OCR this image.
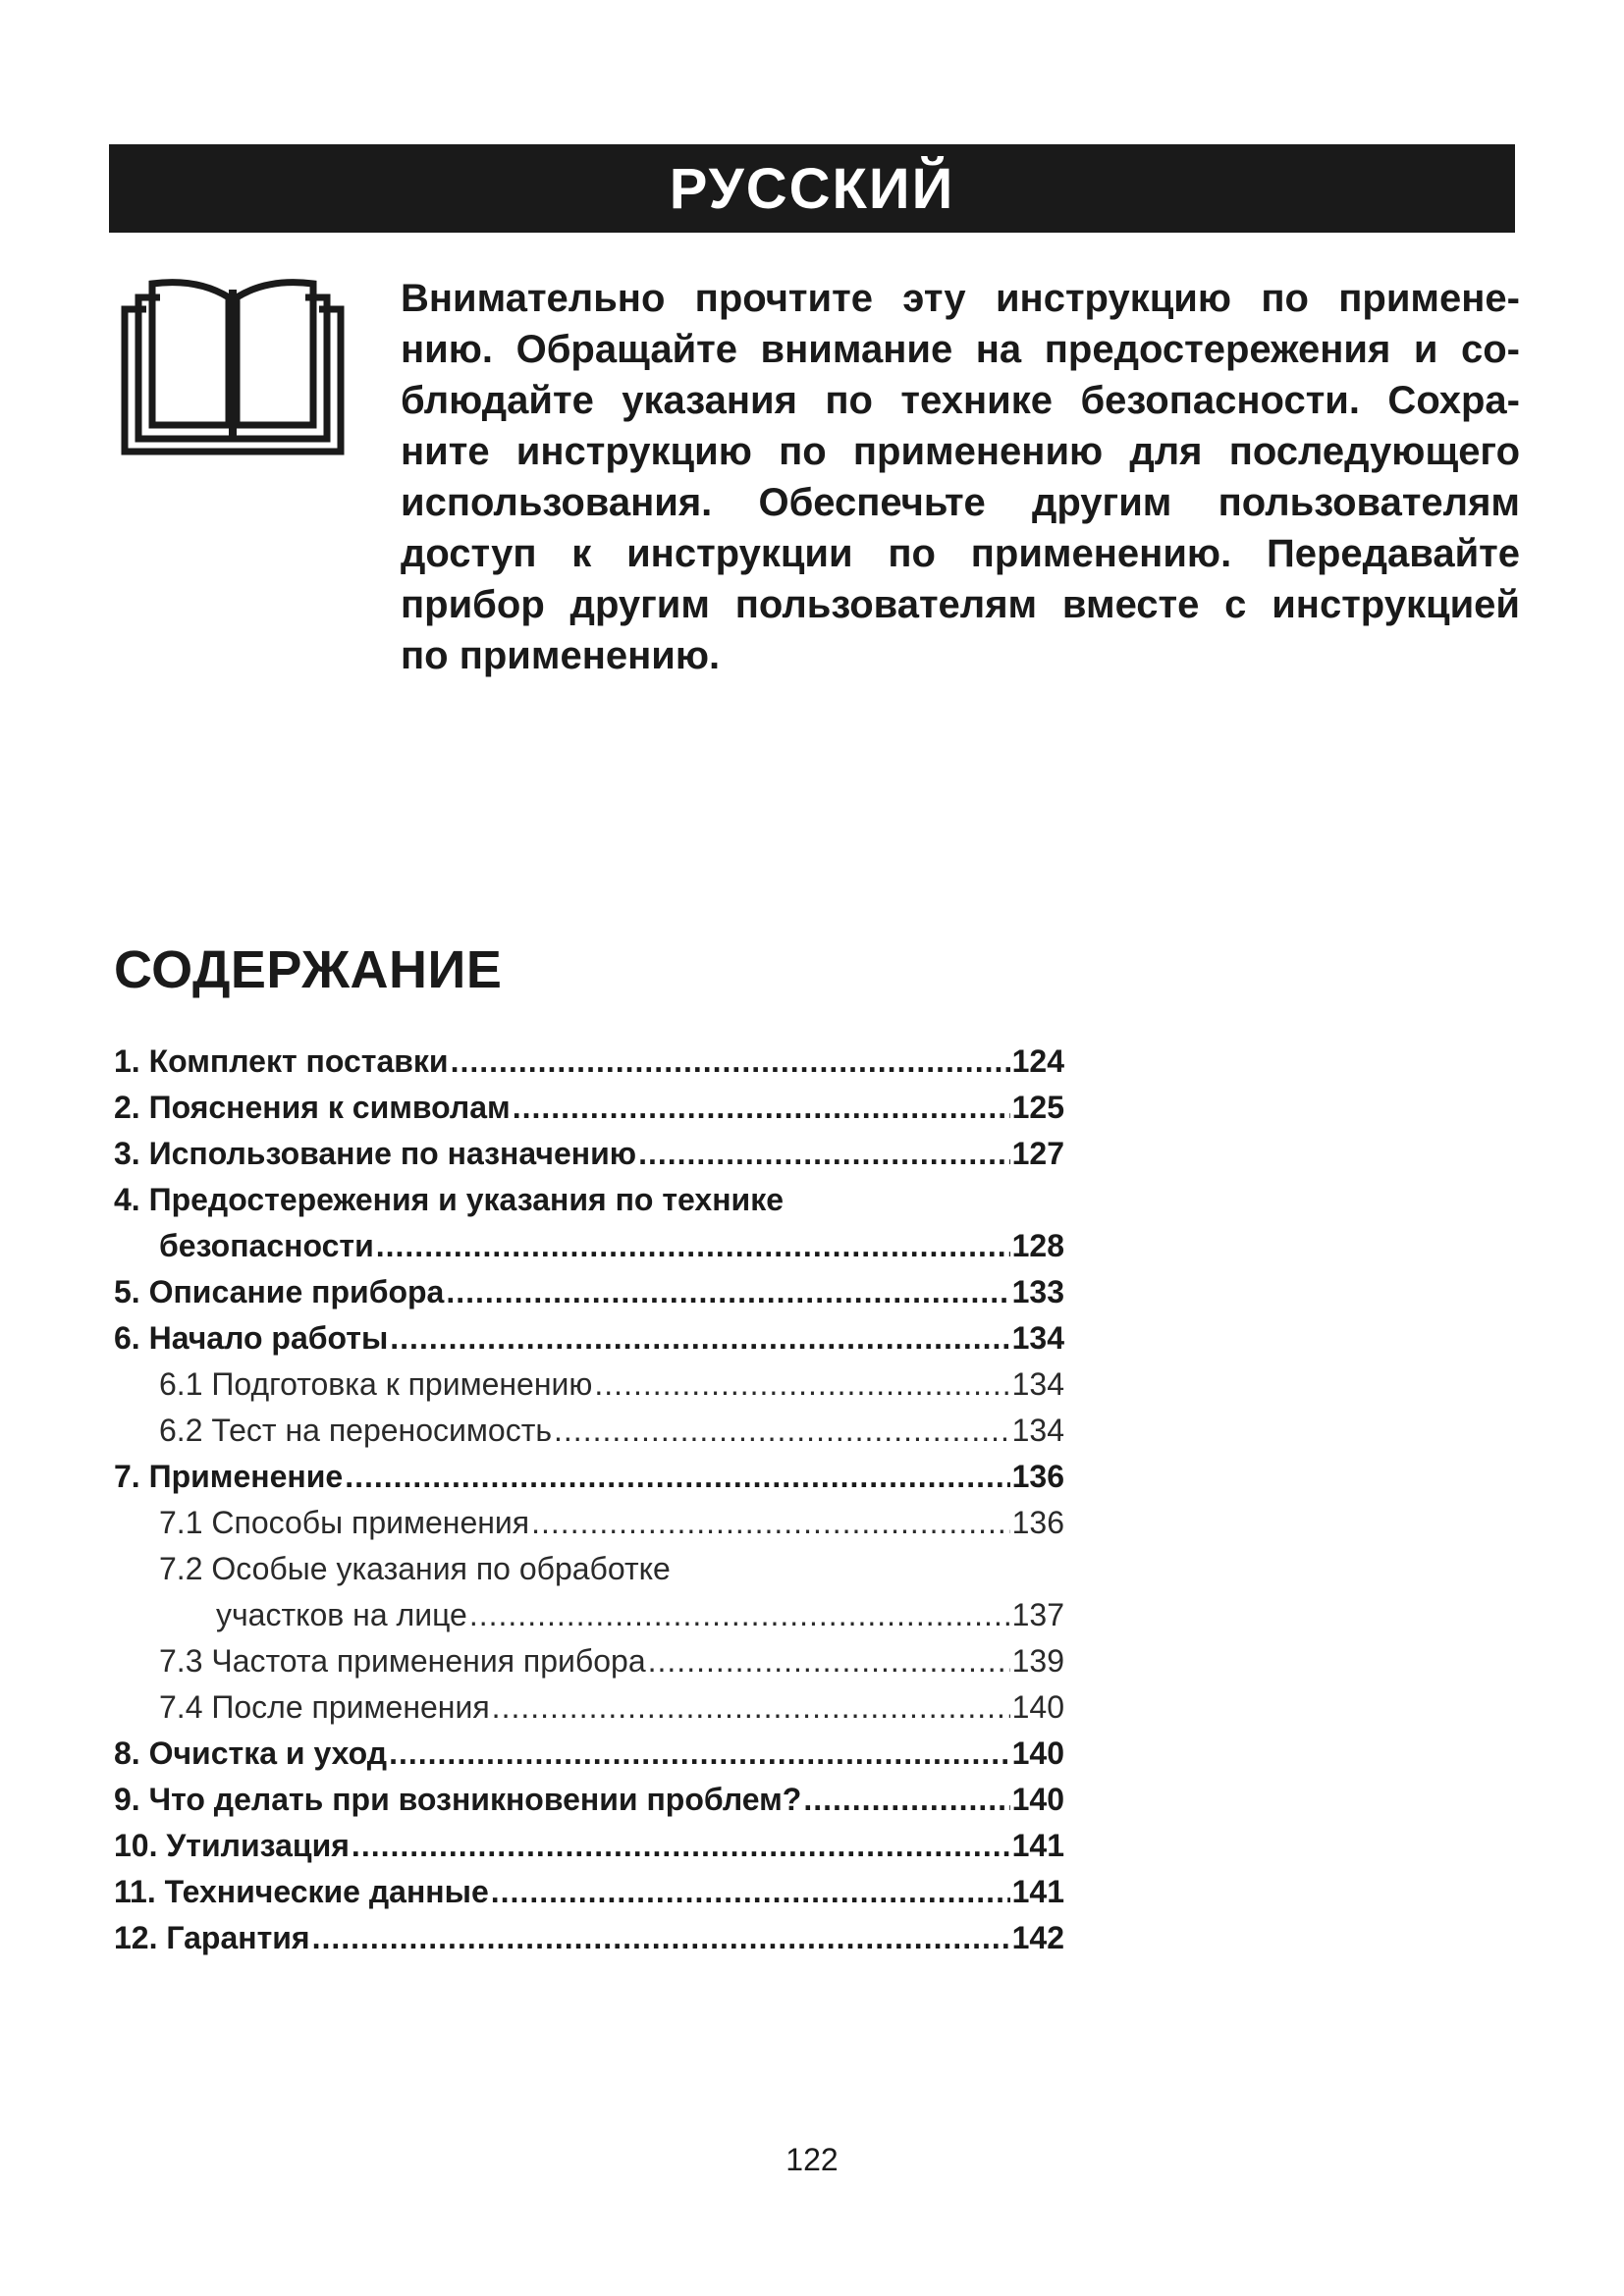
РУССКИЙ
Внимательно прочтите эту инструкцию по примене-
нию. Обращайте внимание на предостережения и со-
блюдайте указания по технике безопасности. Сохра-
ните инструкцию по применению для последующего
использования. Обеспечьте другим пользователям
доступ к инструкции по применению. Передавайте
прибор другим пользователям вместе с инструкцией
по применению.
СОДЕРЖАНИЕ
1. Комплект поставки .....	124
2. Пояснения к символам .....	125
3. Использование по назначению .....	127
4. Предостережения и указания по технике
безопасности .....	128
5. Описание прибора .....	133
6. Начало работы .....	134
6.1 Подготовка к применению .....	134
6.2 Тест на переносимость .....	134
7. Применение .....	136
7.1 Способы применения .....	136
7.2 Особые указания по обработке
участков на лице .....	137
7.3 Частота применения прибора .....	139
7.4 После применения .....	140
8. Очистка и уход .....	140
9. Что делать при возникновении проблем? .....	140
10. Утилизация .....	141
11. Технические данные .....	141
12. Гарантия .....	142

122
